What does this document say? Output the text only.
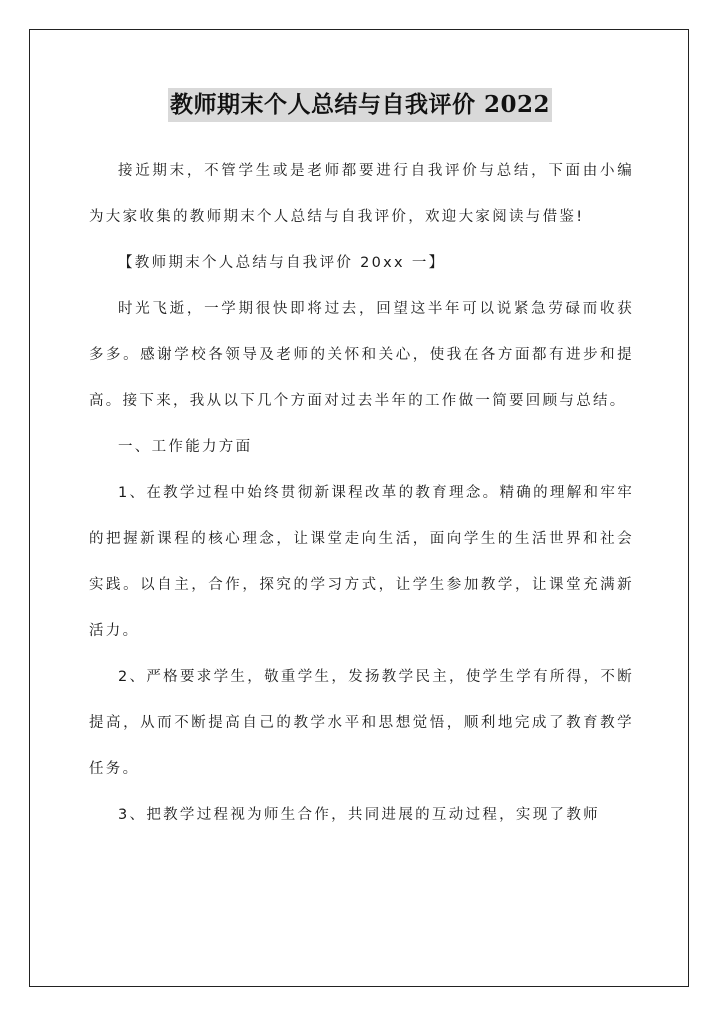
教师期末个人总结与自我评价 2022

接近期末，不管学生或是老师都要进行自我评价与总结，下面由小编为大家收集的教师期末个人总结与自我评价，欢迎大家阅读与借鉴!

【教师期末个人总结与自我评价 20xx 一】

时光飞逝，一学期很快即将过去，回望这半年可以说紧急劳碌而收获多多。感谢学校各领导及老师的关怀和关心，使我在各方面都有进步和提高。接下来，我从以下几个方面对过去半年的工作做一简要回顾与总结。

一、工作能力方面

1、在教学过程中始终贯彻新课程改革的教育理念。精确的理解和牢牢的把握新课程的核心理念，让课堂走向生活，面向学生的生活世界和社会实践。以自主，合作，探究的学习方式，让学生参加教学，让课堂充满新活力。

2、严格要求学生，敬重学生，发扬教学民主，使学生学有所得，不断提高，从而不断提高自己的教学水平和思想觉悟，顺利地完成了教育教学任务。

3、把教学过程视为师生合作，共同进展的互动过程，实现了教师
